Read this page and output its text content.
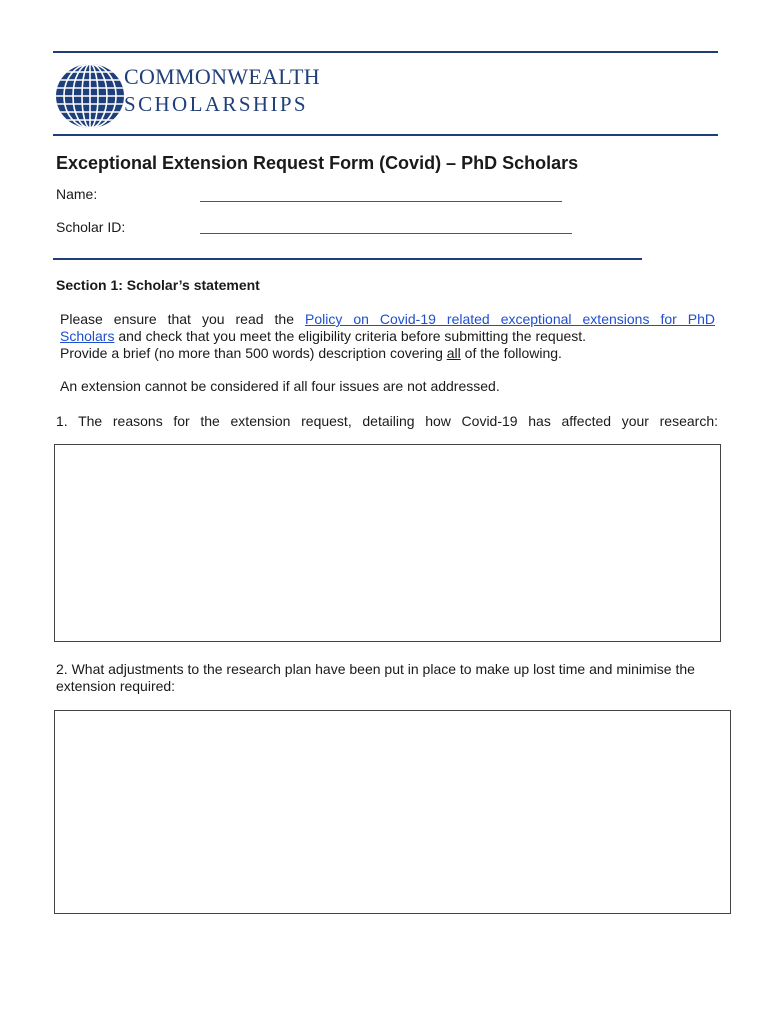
COMMONWEALTH
SCHOLARSHIPS
Exceptional Extension Request Form (Covid) – PhD Scholars
Name:
Scholar ID:
Section 1: Scholar’s statement
Please ensure that you read the Policy on Covid-19 related exceptional extensions for PhD
Scholars and check that you meet the eligibility criteria before submitting the request.
Provide a brief (no more than 500 words) description covering all of the following.
An extension cannot be considered if all four issues are not addressed.
1. The reasons for the extension request, detailing how Covid-19 has affected your research:
2. What adjustments to the research plan have been put in place to make up lost time and minimise the extension required:
